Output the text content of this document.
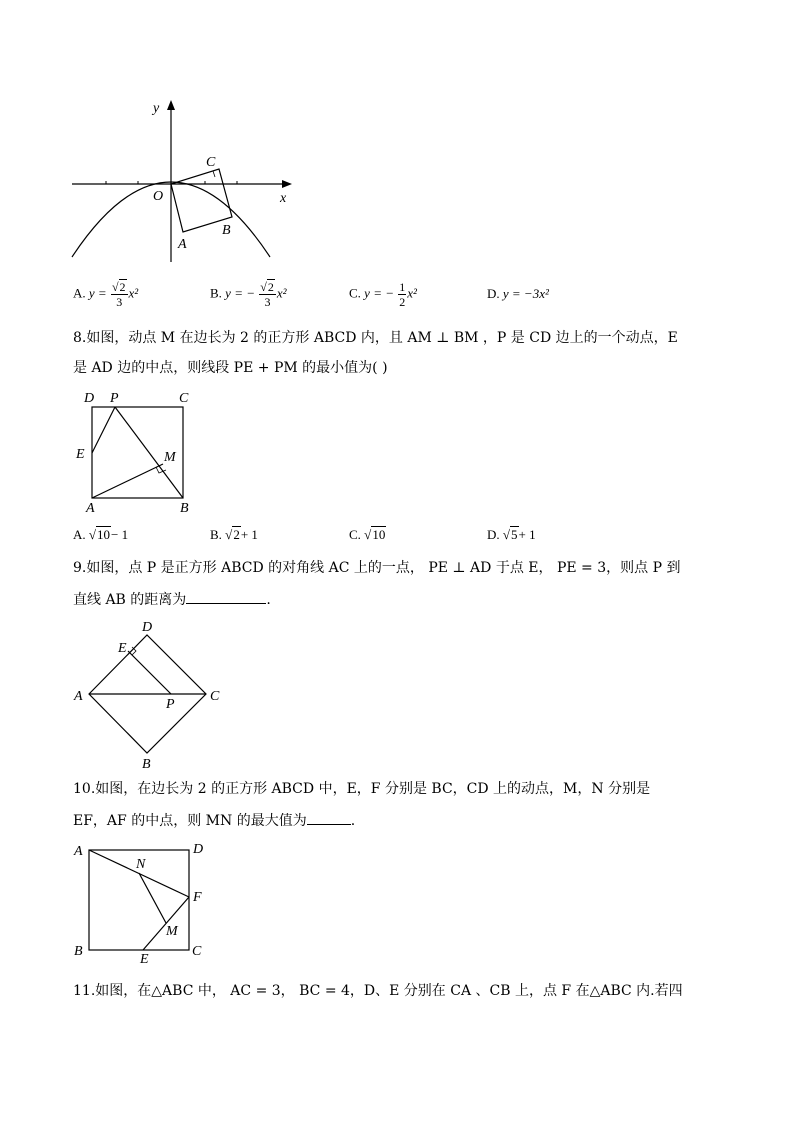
y
x
O
C
A
B
A. $y = \frac{√2}{3} x^2$	B. y = − $\frac{√2}{3} x^2$	C. y = − $\frac{1}{2} x^2$	D. y = −3x²
8.如图，动点 M 在边长为 2 的正方形 ABCD 内，且 AM ⊥ BM ，P 是 CD 边上的一个动点，E
是 AD 边的中点，则线段 PE + PM 的最小值为( )
D P	C
E	M
A	B
A. √10− 1	B. √2+ 1	C. √10	D. √5+ 1
9.如图，点 P 是正方形 ABCD 的对角线 AC 上的一点， PE ⊥ AD 于点 E， PE = 3，则点 P 到
直线 AB 的距离为	.
D
E
A	C
P
B
10.如图，在边长为 2 的正方形 ABCD 中，E，F 分别是 BC，CD 上的动点，M，N 分别是
EF，AF 的中点，则 MN 的最大值为	.
A	D
N
F
M
B
E
C
11.如图，在△ABC 中， AC = 3， BC = 4，D、E 分别在 CA 、CB 上，点 F 在△ABC 内.若四
